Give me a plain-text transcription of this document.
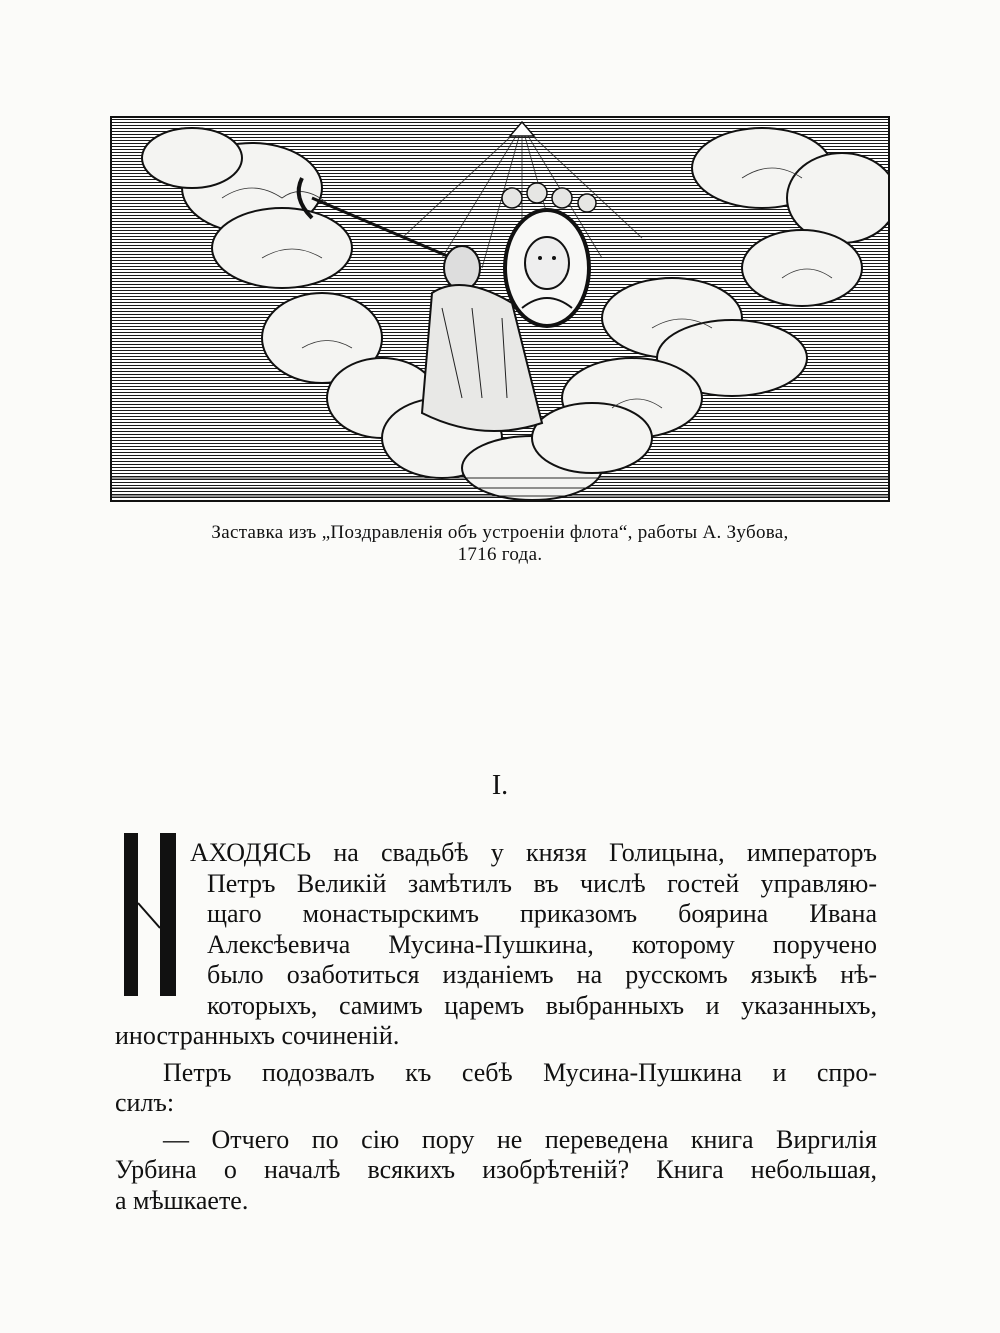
Заставка изъ „Поздравленія объ устроеніи флота“, работы А. Зубова,
1716 года.
I.
АХОДЯСЬ на свадьбѣ у князя Голицына, императоръ
Петръ Великій замѣтилъ въ числѣ гостей управляю-
щаго монастырскимъ приказомъ боярина Ивана
Алексѣевича Мусина-Пушкина, которому поручено
было озаботиться изданіемъ на русскомъ языкѣ нѣ-
которыхъ, самимъ царемъ выбранныхъ и указанныхъ,
иностранныхъ сочиненій.
Петръ подозвалъ къ себѣ Мусина-Пушкина и спро-
силъ:
— Отчего по сію пору не переведена книга Виргилія
Урбина о началѣ всякихъ изобрѣтеній? Книга небольшая,
а мѣшкаете.
